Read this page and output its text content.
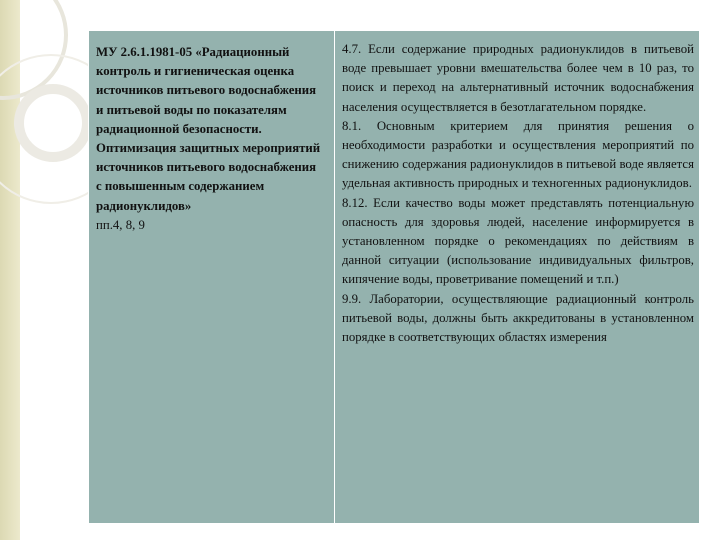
МУ 2.6.1.1981-05 «Радиационный контроль и гигиеническая оценка источников питьевого водоснабжения и питьевой воды по показателям радиационной безопасности. Оптимизация защитных мероприятий источников питьевого водоснабжения с повышенным содержанием радионуклидов»
пп.4, 8, 9

4.7. Если содержание природных радионуклидов в питьевой воде превышает уровни вмешательства более чем в 10 раз, то поиск и переход на альтернативный источник водоснабжения населения осуществляется в безотлагательном порядке.

8.1. Основным критерием для принятия решения о необходимости разработки и осуществления мероприятий по снижению содержания радионуклидов в питьевой воде является удельная активность природных и техногенных радионуклидов.

8.12. Если качество воды может представлять потенциальную опасность для здоровья людей, население информируется в установленном порядке о рекомендациях по действиям в данной ситуации (использование индивидуальных фильтров, кипячение воды, проветривание помещений и т.п.)

9.9. Лаборатории, осуществляющие радиационный контроль питьевой воды, должны быть аккредитованы в установленном порядке в соответствующих областях измерения
